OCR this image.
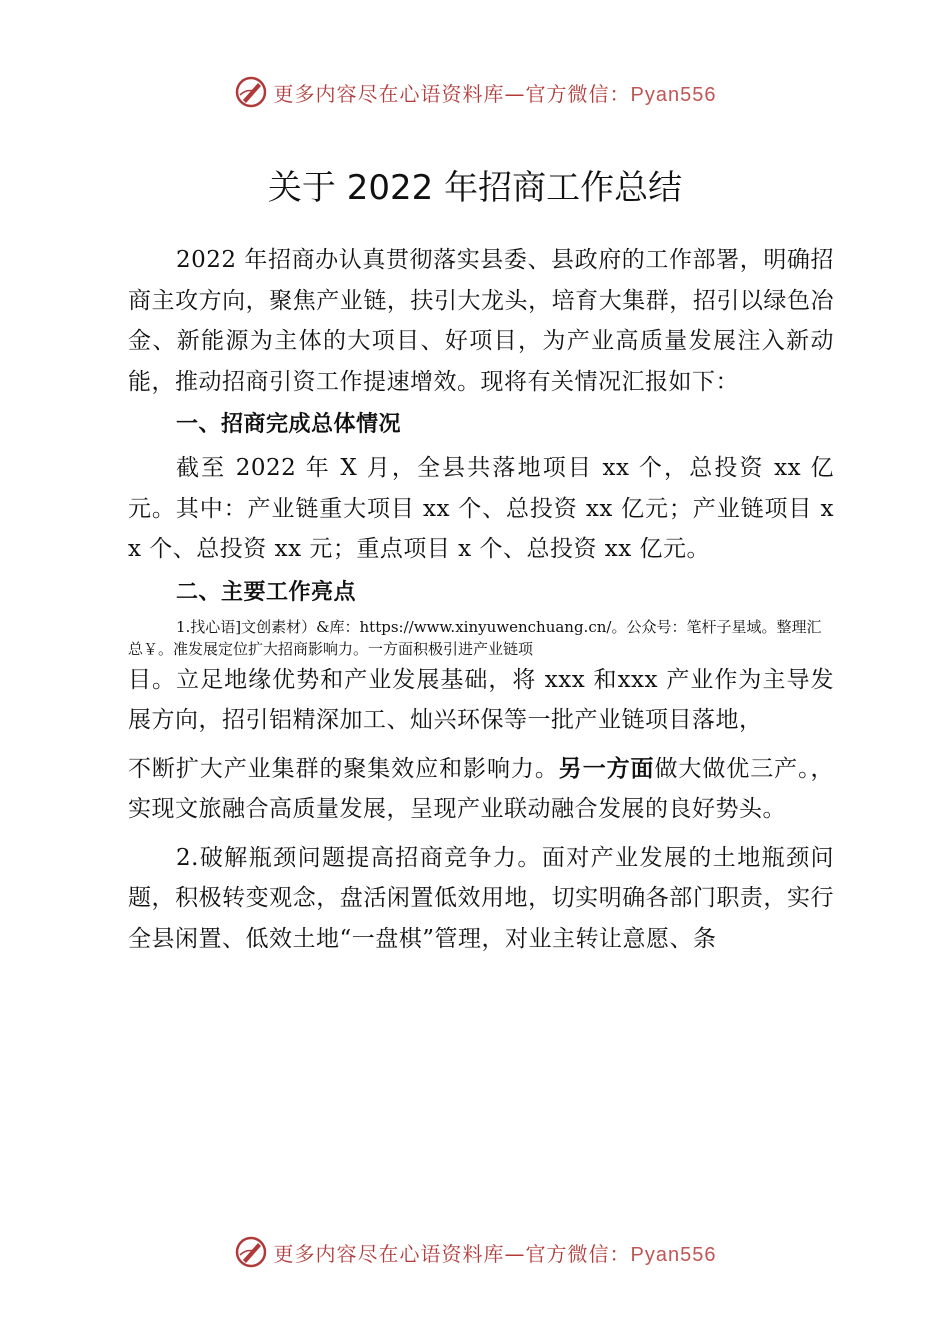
更多内容尽在心语资料库—官方微信：Pyan556
关于 2022 年招商工作总结

2022 年招商办认真贯彻落实县委、县政府的工作部署，明确招商主攻方向，聚焦产业链，扶引大龙头，培育大集群，招引以绿色冶金、新能源为主体的大项目、好项目，为产业高质量发展注入新动能，推动招商引资工作提速增效。现将有关情况汇报如下：

一、招商完成总体情况

截至 2022 年 X 月，全县共落地项目 xx 个，总投资 xx 亿元。其中：产业链重大项目 xx 个、总投资 xx 亿元；产业链项目 xx 个、总投资 xx 元；重点项目 x 个、总投资 xx 亿元。

二、主要工作亮点

1.找心语]文创素材）&库：https://www.xinyuwenchuang.cn/。公众号：笔杆子星域。整理汇总￥。准发展定位扩大招商影响力。一方面积极引进产业链项

目。立足地缘优势和产业发展基础，将 xxx 和xxx 产业作为主导发展方向，招引铝精深加工、灿兴环保等一批产业链项目落地，

不断扩大产业集群的聚集效应和影响力。另一方面做大做优三产。，实现文旅融合高质量发展，呈现产业联动融合发展的良好势头。

2.破解瓶颈问题提高招商竞争力。面对产业发展的土地瓶颈问题，积极转变观念，盘活闲置低效用地，切实明确各部门职责，实行全县闲置、低效土地“一盘棋”管理，对业主转让意愿、条

更多内容尽在心语资料库—官方微信：Pyan556
